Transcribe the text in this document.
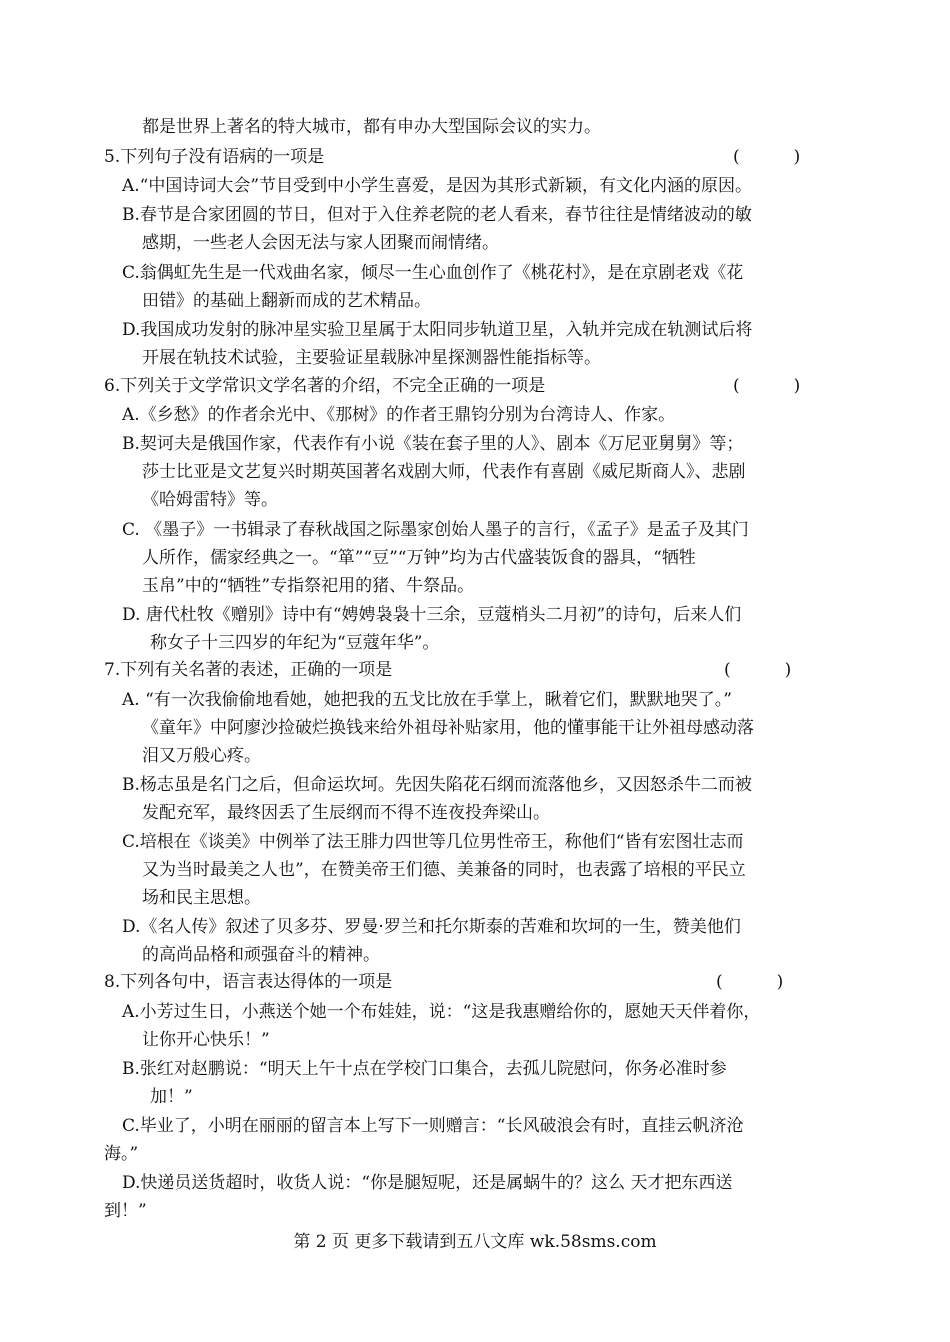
都是世界上著名的特大城市，都有申办大型国际会议的实力。
5.下列句子没有语病的一项是	(          )
A.“中国诗词大会”节目受到中小学生喜爱，是因为其形式新颖，有文化内涵的原因。
B.春节是合家团圆的节日，但对于入住养老院的老人看来，春节往往是情绪波动的敏
感期，一些老人会因无法与家人团聚而闹情绪。
C.翁偶虹先生是一代戏曲名家，倾尽一生心血创作了《桃花村》，是在京剧老戏《花
田错》的基础上翻新而成的艺术精品。
D.我国成功发射的脉冲星实验卫星属于太阳同步轨道卫星，入轨并完成在轨测试后将
开展在轨技术试验，主要验证星载脉冲星探测器性能指标等。
6.下列关于文学常识文学名著的介绍，不完全正确的一项是	(          )
A.《乡愁》的作者余光中、《那树》的作者王鼎钧分别为台湾诗人、作家。
B.契诃夫是俄国作家，代表作有小说《装在套子里的人》、剧本《万尼亚舅舅》等；
莎士比亚是文艺复兴时期英国著名戏剧大师，代表作有喜剧《威尼斯商人》、悲剧
《哈姆雷特》等。
C. 《墨子》一书辑录了春秋战国之际墨家创始人墨子的言行，《孟子》是孟子及其门
人所作，儒家经典之一。“箪”“豆”“万钟”均为古代盛装饭食的器具，“牺牲
玉帛”中的“牺牲”专指祭祀用的猪、牛祭品。
D. 唐代杜牧《赠别》诗中有“娉娉袅袅十三余，豆蔻梢头二月初”的诗句，后来人们
称女子十三四岁的年纪为“豆蔻年华”。
7.下列有关名著的表述，正确的一项是	(          )
A. “有一次我偷偷地看她，她把我的五戈比放在手掌上，瞅着它们，默默地哭了。”
《童年》中阿廖沙捡破烂换钱来给外祖母补贴家用，他的懂事能干让外祖母感动落
泪又万般心疼。
B.杨志虽是名门之后，但命运坎坷。先因失陷花石纲而流落他乡，又因怒杀牛二而被
发配充军，最终因丢了生辰纲而不得不连夜投奔梁山。
C.培根在《谈美》中例举了法王腓力四世等几位男性帝王，称他们“皆有宏图壮志而
又为当时最美之人也”，在赞美帝王们德、美兼备的同时，也表露了培根的平民立
场和民主思想。
D.《名人传》叙述了贝多芬、罗曼·罗兰和托尔斯泰的苦难和坎坷的一生，赞美他们
的高尚品格和顽强奋斗的精神。
8.下列各句中，语言表达得体的一项是	(          )
A.小芳过生日，小燕送个她一个布娃娃，说：“这是我惠赠给你的，愿她天天伴着你，
让你开心快乐！”
B.张红对赵鹏说：“明天上午十点在学校门口集合，去孤儿院慰问，你务必准时参
加！”
C.毕业了，小明在丽丽的留言本上写下一则赠言：“长风破浪会有时，直挂云帆济沧
海。”
D.快递员送货超时，收货人说：“你是腿短呢，还是属蜗牛的？这么 天才把东西送
到！”
第 2 页 更多下载请到五八文库 wk.58sms.com
